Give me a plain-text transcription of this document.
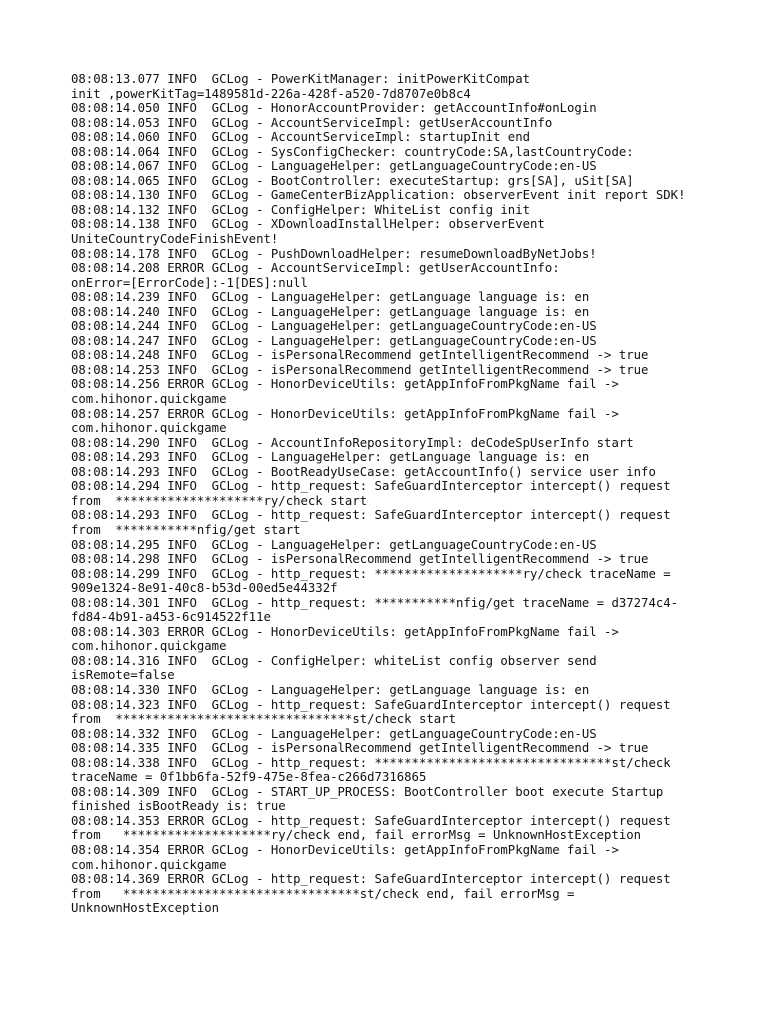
08:08:13.077 INFO  GCLog - PowerKitManager: initPowerKitCompat
init ,powerKitTag=1489581d-226a-428f-a520-7d8707e0b8c4
08:08:14.050 INFO  GCLog - HonorAccountProvider: getAccountInfo#onLogin
08:08:14.053 INFO  GCLog - AccountServiceImpl: getUserAccountInfo
08:08:14.060 INFO  GCLog - AccountServiceImpl: startupInit end
08:08:14.064 INFO  GCLog - SysConfigChecker: countryCode:SA,lastCountryCode:
08:08:14.067 INFO  GCLog - LanguageHelper: getLanguageCountryCode:en-US
08:08:14.065 INFO  GCLog - BootController: executeStartup: grs[SA], uSit[SA]
08:08:14.130 INFO  GCLog - GameCenterBizApplication: observerEvent init report SDK!
08:08:14.132 INFO  GCLog - ConfigHelper: WhiteList config init
08:08:14.138 INFO  GCLog - XDownloadInstallHelper: observerEvent
UniteCountryCodeFinishEvent!
08:08:14.178 INFO  GCLog - PushDownloadHelper: resumeDownloadByNetJobs!
08:08:14.208 ERROR GCLog - AccountServiceImpl: getUserAccountInfo:
onError=[ErrorCode]:-1[DES]:null
08:08:14.239 INFO  GCLog - LanguageHelper: getLanguage language is: en
08:08:14.240 INFO  GCLog - LanguageHelper: getLanguage language is: en
08:08:14.244 INFO  GCLog - LanguageHelper: getLanguageCountryCode:en-US
08:08:14.247 INFO  GCLog - LanguageHelper: getLanguageCountryCode:en-US
08:08:14.248 INFO  GCLog - isPersonalRecommend getIntelligentRecommend -> true
08:08:14.253 INFO  GCLog - isPersonalRecommend getIntelligentRecommend -> true
08:08:14.256 ERROR GCLog - HonorDeviceUtils: getAppInfoFromPkgName fail ->
com.hihonor.quickgame
08:08:14.257 ERROR GCLog - HonorDeviceUtils: getAppInfoFromPkgName fail ->
com.hihonor.quickgame
08:08:14.290 INFO  GCLog - AccountInfoRepositoryImpl: deCodeSpUserInfo start
08:08:14.293 INFO  GCLog - LanguageHelper: getLanguage language is: en
08:08:14.293 INFO  GCLog - BootReadyUseCase: getAccountInfo() service user info
08:08:14.294 INFO  GCLog - http_request: SafeGuardInterceptor intercept() request
from  ********************ry/check start
08:08:14.293 INFO  GCLog - http_request: SafeGuardInterceptor intercept() request
from  ***********nfig/get start
08:08:14.295 INFO  GCLog - LanguageHelper: getLanguageCountryCode:en-US
08:08:14.298 INFO  GCLog - isPersonalRecommend getIntelligentRecommend -> true
08:08:14.299 INFO  GCLog - http_request: ********************ry/check traceName =
909e1324-8e91-40c8-b53d-00ed5e44332f
08:08:14.301 INFO  GCLog - http_request: ***********nfig/get traceName = d37274c4-
fd84-4b91-a453-6c914522f11e
08:08:14.303 ERROR GCLog - HonorDeviceUtils: getAppInfoFromPkgName fail ->
com.hihonor.quickgame
08:08:14.316 INFO  GCLog - ConfigHelper: whiteList config observer send
isRemote=false
08:08:14.330 INFO  GCLog - LanguageHelper: getLanguage language is: en
08:08:14.323 INFO  GCLog - http_request: SafeGuardInterceptor intercept() request
from  ********************************st/check start
08:08:14.332 INFO  GCLog - LanguageHelper: getLanguageCountryCode:en-US
08:08:14.335 INFO  GCLog - isPersonalRecommend getIntelligentRecommend -> true
08:08:14.338 INFO  GCLog - http_request: ********************************st/check
traceName = 0f1bb6fa-52f9-475e-8fea-c266d7316865
08:08:14.309 INFO  GCLog - START_UP_PROCESS: BootController boot execute Startup
finished isBootReady is: true
08:08:14.353 ERROR GCLog - http_request: SafeGuardInterceptor intercept() request
from   ********************ry/check end, fail errorMsg = UnknownHostException
08:08:14.354 ERROR GCLog - HonorDeviceUtils: getAppInfoFromPkgName fail ->
com.hihonor.quickgame
08:08:14.369 ERROR GCLog - http_request: SafeGuardInterceptor intercept() request
from   ********************************st/check end, fail errorMsg =
UnknownHostException
